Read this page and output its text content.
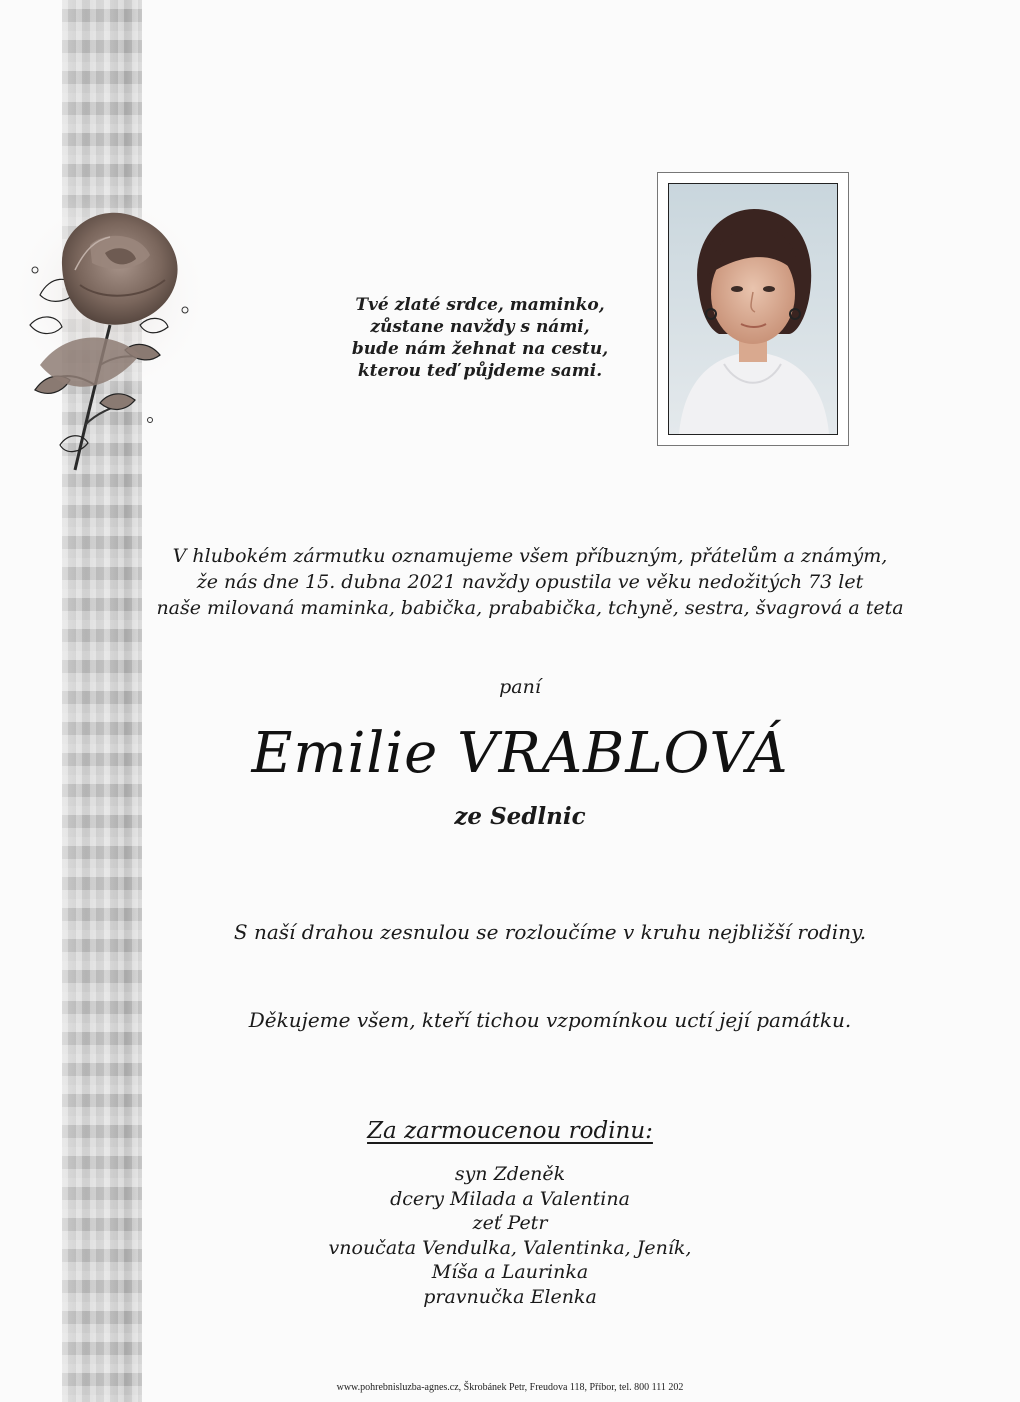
Tvé zlaté srdce, maminko,
zůstane navždy s námi,
bude nám žehnat na cestu,
kterou teď půjdeme sami.
V hlubokém zármutku oznamujeme všem příbuzným, přátelům a známým,
že nás dne 15. dubna 2021 navždy opustila ve věku nedožitých 73 let
naše milovaná maminka, babička, prababička, tchyně, sestra, švagrová a teta
paní
Emilie VRABLOVÁ
ze Sedlnic
S naší drahou zesnulou se rozloučíme v kruhu nejbližší rodiny.
Děkujeme všem, kteří tichou vzpomínkou uctí její památku.
Za zarmoucenou rodinu:
syn Zdeněk
dcery Milada a Valentina
zeť Petr
vnoučata Vendulka, Valentinka, Jeník,
Míša a Laurinka
pravnučka Elenka
www.pohrebnisluzba-agnes.cz, Škrobánek Petr, Freudova 118, Příbor, tel. 800 111 202
